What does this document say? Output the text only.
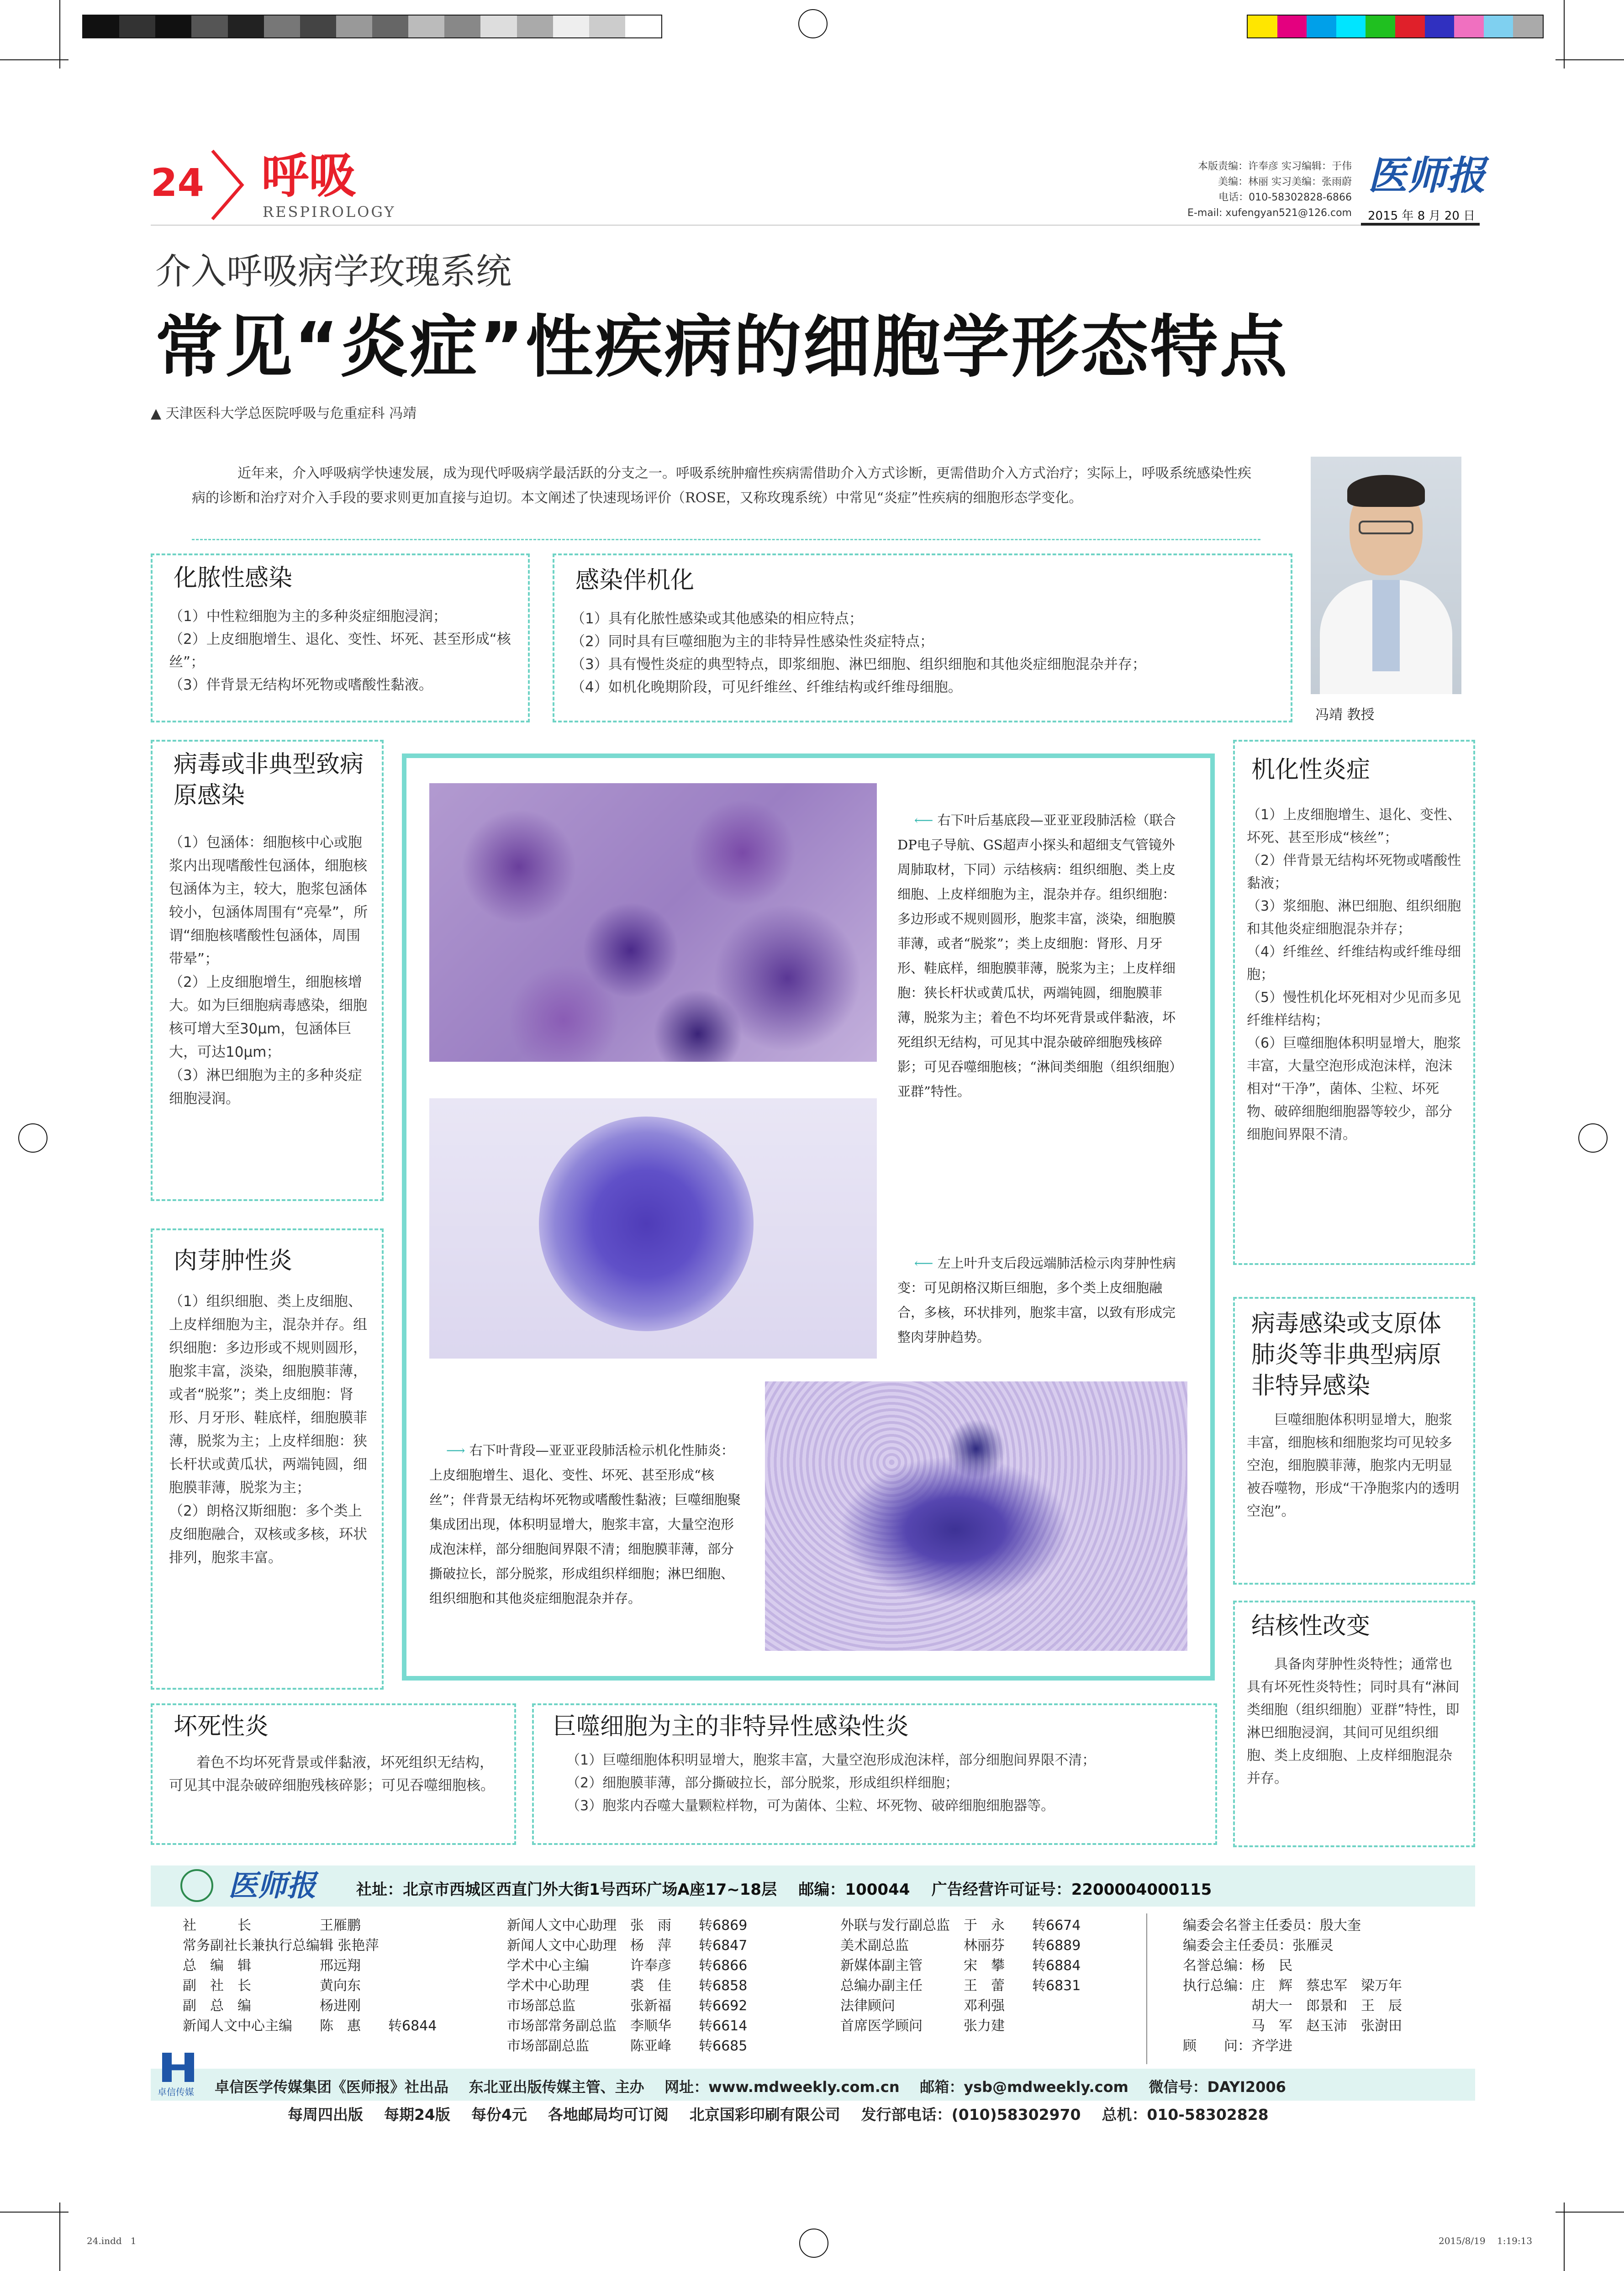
24 呼吸
RESPIROLOGY
本版责编：许奉彦 实习编辑：于伟
美编：林丽 实习美编：张雨蔚
电话：010-58302828-6866
E-mail: xufengyan521@126.com
医师报
2015 年 8 月 20 日
介入呼吸病学玫瑰系统
常见“炎症”性疾病的细胞学形态特点
▲ 天津医科大学总医院呼吸与危重症科 冯靖
近年来，介入呼吸病学快速发展，成为现代呼吸病学最活跃的分支之一。呼吸系统肿瘤性疾病需借助介入方式诊断，更需借助介入方式治疗；实际上，呼吸系统感染性疾病的诊断和治疗对介入手段的要求则更加直接与迫切。本文阐述了快速现场评价（ROSE，又称玫瑰系统）中常见“炎症”性疾病的细胞形态学变化。
冯靖 教授
化脓性感染
（1）中性粒细胞为主的多种炎症细胞浸润；
（2）上皮细胞增生、退化、变性、坏死、甚至形成“核丝”；
（3）伴背景无结构坏死物或嗜酸性黏液。
感染伴机化
（1）具有化脓性感染或其他感染的相应特点；
（2）同时具有巨噬细胞为主的非特异性感染性炎症特点；
（3）具有慢性炎症的典型特点，即浆细胞、淋巴细胞、组织细胞和其他炎症细胞混杂并存；
（4）如机化晚期阶段，可见纤维丝、纤维结构或纤维母细胞。
病毒或非典型致病原感染
（1）包涵体：细胞核中心或胞浆内出现嗜酸性包涵体，细胞核包涵体为主，较大，胞浆包涵体较小，包涵体周围有“亮晕”，所谓“细胞核嗜酸性包涵体，周围带晕”；
（2）上皮细胞增生，细胞核增大。如为巨细胞病毒感染，细胞核可增大至30μm，包涵体巨大，可达10μm；
（3）淋巴细胞为主的多种炎症细胞浸润。
肉芽肿性炎
（1）组织细胞、类上皮细胞、上皮样细胞为主，混杂并存。组织细胞：多边形或不规则圆形，胞浆丰富，淡染，细胞膜菲薄，或者“脱浆”；类上皮细胞：肾形、月牙形、鞋底样，细胞膜菲薄，脱浆为主；上皮样细胞：狭长杆状或黄瓜状，两端钝圆，细胞膜菲薄，脱浆为主；
（2）朗格汉斯细胞：多个类上皮细胞融合，双核或多核，环状排列，胞浆丰富。

⟵ 右下叶后基底段—亚亚亚段肺活检（联合DP电子导航、GS超声小探头和超细支气管镜外周肺取材，下同）示结核病：组织细胞、类上皮细胞、上皮样细胞为主，混杂并存。组织细胞：多边形或不规则圆形，胞浆丰富，淡染，细胞膜菲薄，或者“脱浆”；类上皮细胞：肾形、月牙形、鞋底样，细胞膜菲薄，脱浆为主；上皮样细胞：狭长杆状或黄瓜状，两端钝圆，细胞膜菲薄，脱浆为主；着色不均坏死背景或伴黏液，坏死组织无结构，可见其中混杂破碎细胞残核碎影；可见吞噬细胞核；“淋间类细胞（组织细胞）亚群”特性。

⟵ 左上叶升支后段远端肺活检示肉芽肿性病变：可见朗格汉斯巨细胞，多个类上皮细胞融合，多核，环状排列，胞浆丰富，以致有形成完整肉芽肿趋势。

⟶ 右下叶背段—亚亚亚段肺活检示机化性肺炎：上皮细胞增生、退化、变性、坏死、甚至形成“核丝”；伴背景无结构坏死物或嗜酸性黏液；巨噬细胞聚集成团出现，体积明显增大，胞浆丰富，大量空泡形成泡沫样，部分细胞间界限不清；细胞膜菲薄，部分撕破拉长，部分脱浆，形成组织样细胞；淋巴细胞、组织细胞和其他炎症细胞混杂并存。

机化性炎症
（1）上皮细胞增生、退化、变性、坏死、甚至形成“核丝”；
（2）伴背景无结构坏死物或嗜酸性黏液；
（3）浆细胞、淋巴细胞、组织细胞和其他炎症细胞混杂并存；
（4）纤维丝、纤维结构或纤维母细胞；
（5）慢性机化坏死相对少见而多见纤维样结构；
（6）巨噬细胞体积明显增大，胞浆丰富，大量空泡形成泡沫样，泡沫相对“干净”，菌体、尘粒、坏死物、破碎细胞细胞器等较少，部分细胞间界限不清。
病毒感染或支原体肺炎等非典型病原非特异感染
巨噬细胞体积明显增大，胞浆丰富，细胞核和细胞浆均可见较多空泡，细胞膜菲薄，胞浆内无明显被吞噬物，形成“干净胞浆内的透明空泡”。
结核性改变
具备肉芽肿性炎特性；通常也具有坏死性炎特性；同时具有“淋间类细胞（组织细胞）亚群”特性，即淋巴细胞浸润，其间可见组织细胞、类上皮细胞、上皮样细胞混杂并存。
坏死性炎
着色不均坏死背景或伴黏液，坏死组织无结构，可见其中混杂破碎细胞残核碎影；可见吞噬细胞核。
巨噬细胞为主的非特异性感染性炎
（1）巨噬细胞体积明显增大，胞浆丰富，大量空泡形成泡沫样，部分细胞间界限不清；
（2）细胞膜菲薄，部分撕破拉长，部分脱浆，形成组织样细胞；
（3）胞浆内吞噬大量颗粒样物，可为菌体、尘粒、坏死物、破碎细胞细胞器等。
医师报	社址：北京市西城区西直门外大街1号西环广场A座17~18层    邮编：100044    广告经营许可证号：2200004000115
社　　　长　　　　　王雁鹏
常务副社长兼执行总编辑 张艳萍
总　编　辑　　　　　邢远翔
副　社　长　　　　　黄向东
副　总　编　　　　　杨进刚
新闻人文中心主编　　陈　惠　　转6844
新闻人文中心助理　张　雨　　转6869
新闻人文中心助理　杨　萍　　转6847
学术中心主编　　　许奉彦　　转6866
学术中心助理　　　裘　佳　　转6858
市场部总监　　　　张新福　　转6692
市场部常务副总监　李顺华　　转6614
市场部副总监　　　陈亚峰　　转6685
外联与发行副总监　于　永　　转6674
美术副总监　　　　林丽芬　　转6889
新媒体副主管　　　宋　攀　　转6884
总编办副主任　　　王　蕾　　转6831
法律顾问　　　　　邓利强
首席医学顾问　　　张力建
编委会名誉主任委员：殷大奎
编委会主任委员：张雁灵
名誉总编：杨　民
执行总编：庄　辉　蔡忠军　梁万年
　　　　　胡大一　郎景和　王　辰
　　　　　马　军　赵玉沛　张澍田
顾　　问：齐学进
卓信传媒 卓信医学传媒集团《医师报》社出品    东北亚出版传媒主管、主办    网址：www.mdweekly.com.cn    邮箱：ysb@mdweekly.com    微信号：DAYI2006
每周四出版    每期24版    每份4元    各地邮局均可订阅    北京国彩印刷有限公司    发行部电话：(010)58302970    总机：010-58302828
24.indd   1	2015/8/19    1:19:13
